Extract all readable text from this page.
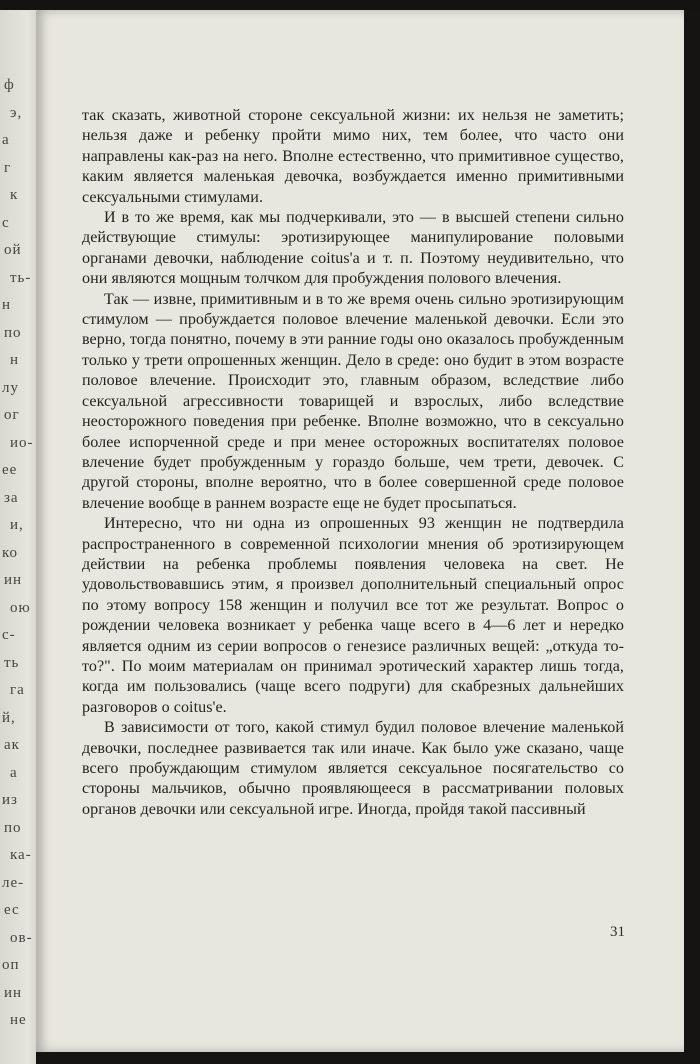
ф
э,
а
г
к
с
ой
ть-
н
по
н
лу
ог
ио-
ее
за
и,
ко
ин
ою
с-
ть
га
й,
ак
а
из
по
ка-
ле-
ес
ов-
оп
ин
не

так сказать, животной стороне сексуальной жизни: их нельзя не заметить; нельзя даже и ребенку пройти мимо них, тем более, что часто они направлены как-раз на него. Вполне естественно, что примитивное существо, каким является маленькая девочка, возбуждается именно примитивными сексуальными стимулами.

И в то же время, как мы подчеркивали, это — в высшей степени сильно действующие стимулы: эротизирующее манипулирование половыми органами девочки, наблюдение coitus'а и т. п. Поэтому неудивительно, что они являются мощным толчком для пробуждения полового влечения.

Так — извне, примитивным и в то же время очень сильно эротизирующим стимулом — пробуждается половое влечение маленькой девочки. Если это верно, тогда понятно, почему в эти ранние годы оно оказалось пробужденным только у трети опрошенных женщин. Дело в среде: оно будит в этом возрасте половое влечение. Происходит это, главным образом, вследствие либо сексуальной агрессивности товарищей и взрослых, либо вследствие неосторожного поведения при ребенке. Вполне возможно, что в сексуально более испорченной среде и при менее осторожных воспитателях половое влечение будет пробужденным у гораздо больше, чем трети, девочек. С другой стороны, вполне вероятно, что в более совершенной среде половое влечение вообще в раннем возрасте еще не будет просыпаться.

Интересно, что ни одна из опрошенных 93 женщин не подтвердила распространенного в современной психологии мнения об эротизирующем действии на ребенка проблемы появления человека на свет. Не удовольствовавшись этим, я произвел дополнительный специальный опрос по этому вопросу 158 женщин и получил все тот же результат. Вопрос о рождении человека возникает у ребенка чаще всего в 4—6 лет и нередко является одним из серии вопросов о генезисе различных вещей: „откуда то-то?". По моим материалам он принимал эротический характер лишь тогда, когда им пользовались (чаще всего подруги) для скабрезных дальнейших разговоров о coitus'е.

В зависимости от того, какой стимул будил половое влечение маленькой девочки, последнее развивается так или иначе. Как было уже сказано, чаще всего пробуждающим стимулом является сексуальное посягательство со стороны мальчиков, обычно проявляющееся в рассматривании половых органов девочки или сексуальной игре. Иногда, пройдя такой пассивный

31
